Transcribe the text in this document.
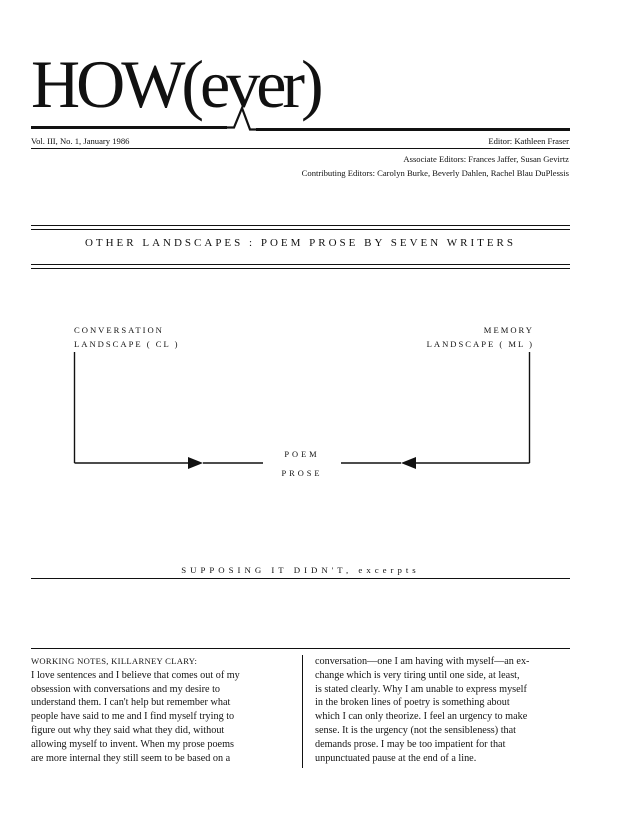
HOW(ever)
Vol. III, No. 1, January 1986	Editor: Kathleen Fraser
Associate Editors: Frances Jaffer, Susan Gevirtz
Contributing Editors: Carolyn Burke, Beverly Dahlen, Rachel Blau DuPlessis
OTHER LANDSCAPES : POEM PROSE BY SEVEN WRITERS
CONVERSATION
LANDSCAPE ( CL )
MEMORY
LANDSCAPE ( ML )
POEM
PROSE
SUPPOSING IT DIDN'T, excerpts
WORKING NOTES, KILLARNEY CLARY:
I love sentences and I believe that comes out of my
obsession with conversations and my desire to
understand them. I can't help but remember what
people have said to me and I find myself trying to
figure out why they said what they did, without
allowing myself to invent. When my prose poems
are more internal they still seem to be based on a
conversation—one I am having with myself—an ex-
change which is very tiring until one side, at least,
is stated clearly. Why I am unable to express myself
in the broken lines of poetry is something about
which I can only theorize. I feel an urgency to make
sense. It is the urgency (not the sensibleness) that
demands prose. I may be too impatient for that
unpunctuated pause at the end of a line.
